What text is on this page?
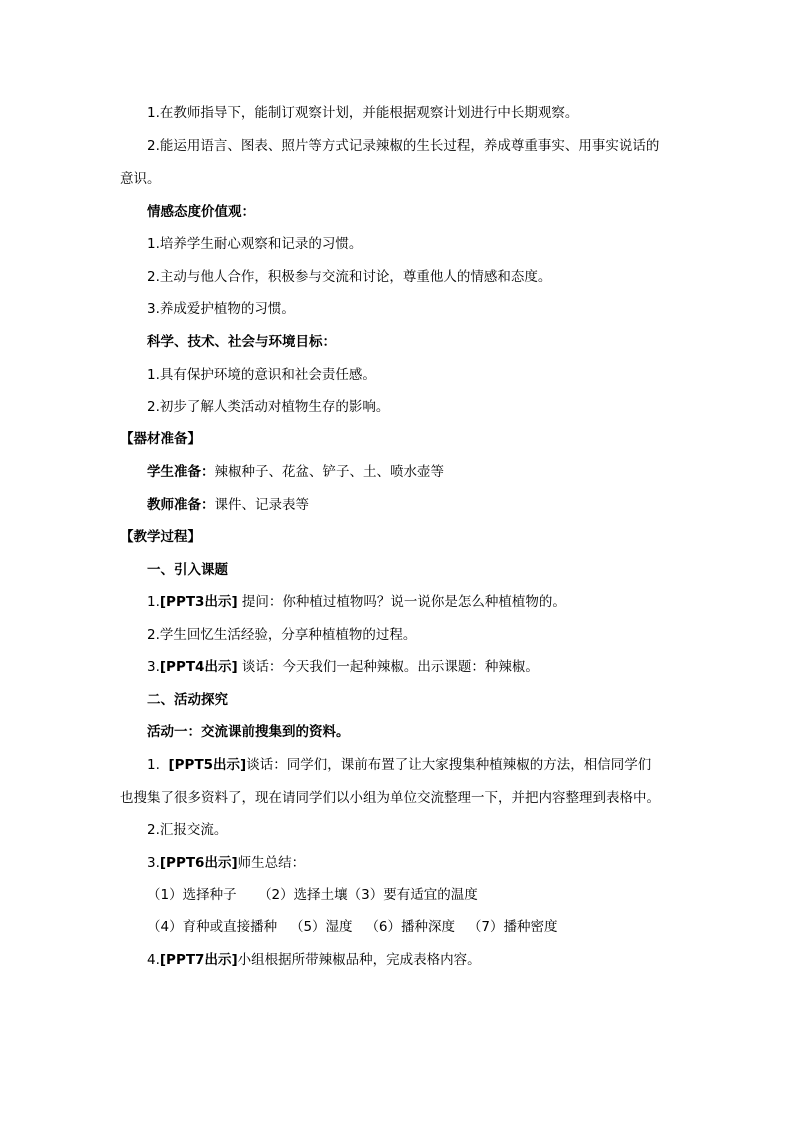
1.在教师指导下，能制订观察计划，并能根据观察计划进行中长期观察。
2.能运用语言、图表、照片等方式记录辣椒的生长过程，养成尊重事实、用事实说话的
意识。
情感态度价值观：
1.培养学生耐心观察和记录的习惯。
2.主动与他人合作，积极参与交流和讨论，尊重他人的情感和态度。
3.养成爱护植物的习惯。
科学、技术、社会与环境目标：
1.具有保护环境的意识和社会责任感。
2.初步了解人类活动对植物生存的影响。
【器材准备】
学生准备：辣椒种子、花盆、铲子、土、喷水壶等
教师准备：课件、记录表等
【教学过程】
一、引入课题
1.[PPT3出示] 提问：你种植过植物吗？说一说你是怎么种植植物的。
2.学生回忆生活经验，分享种植植物的过程。
3.[PPT4出示] 谈话：今天我们一起种辣椒。出示课题：种辣椒。
二、活动探究
活动一：交流课前搜集到的资料。
1. [PPT5出示]谈话：同学们，课前布置了让大家搜集种植辣椒的方法，相信同学们
也搜集了很多资料了，现在请同学们以小组为单位交流整理一下，并把内容整理到表格中。
2.汇报交流。
3.[PPT6出示]师生总结：
（1）选择种子 （2）选择土壤（3）要有适宜的温度
（4）育种或直接播种 （5）湿度 （6）播种深度 （7）播种密度
4.[PPT7出示]小组根据所带辣椒品种，完成表格内容。
